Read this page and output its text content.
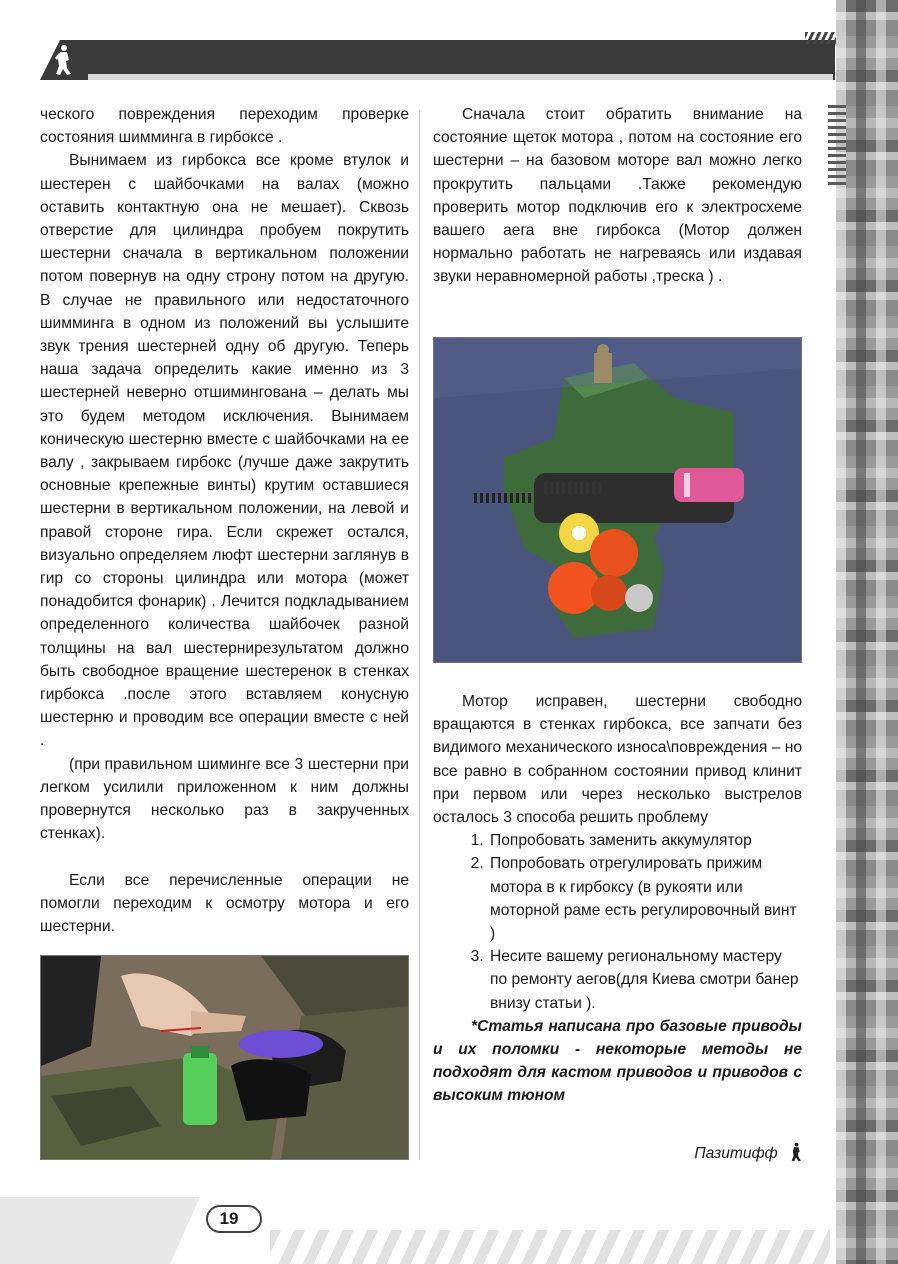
ческого повреждения переходим проверке состояния шимминга в гирбоксе .

Вынимаем из гирбокса все кроме втулок и шестерен с шайбочками на валах (можно оставить контактную она не мешает). Сквозь отверстие для цилиндра пробуем покрутить шестерни сначала в вертикальном положении потом повернув на одну строну потом на другую. В случае не правильного или недостаточного шимминга в одном из положений вы услышите звук трения шестерней одну об другую. Теперь наша задача определить какие именно из 3 шестерней неверно отшимингована – делать мы это будем методом исключения. Вынимаем коническую шестерню вместе с шайбочками на ее валу , закрываем гирбокс (лучше даже закрутить основные крепежные винты) крутим оставшиеся шестерни в вертикальном положении, на левой и правой стороне гира. Если скрежет остался, визуально определяем люфт шестерни заглянув в гир со стороны цилиндра или мотора (может понадобится фонарик) . Лечится подкладыванием определенного количества шайбочек разной толщины на вал шестернирезультатом должно быть свободное вращение шестеренок в стенках гирбокса .после этого вставляем конусную шестерню и проводим все операции вместе с ней .

(при правильном шиминге все 3 шестерни при легком усилили приложенном к ним должны провернутся несколько раз в закрученных стенках).

Если все перечисленные операции не помогли переходим к осмотру мотора и его шестерни.

Сначала стоит обратить внимание на состояние щеток мотора , потом на состояние его шестерни – на базовом моторе вал можно легко прокрутить пальцами .Также рекомендую проверить мотор подключив его к электросхеме вашего аега вне гирбокса (Мотор должен нормально работать не нагреваясь или издавая звуки неравномерной работы ,треска ) .

Мотор исправен, шестерни свободно вращаются в стенках гирбокса, все запчати без видимого механического износа\повреждения – но все равно в собранном состоянии привод клинит при первом или через несколько выстрелов осталось 3 способа решить проблему

1. Попробовать заменить аккумулятор
2. Попробовать отрегулировать прижим мотора в к гирбоксу (в рукояти или моторной раме есть регулировочный винт )
3. Несите вашему региональному мастеру по ремонту аегов(для Киева смотри банер внизу статьи ).

*Статья написана про базовые приводы и их поломки - некоторые методы не подходят для кастом приводов и приводов с высоким тюном

Пазитифф
19
